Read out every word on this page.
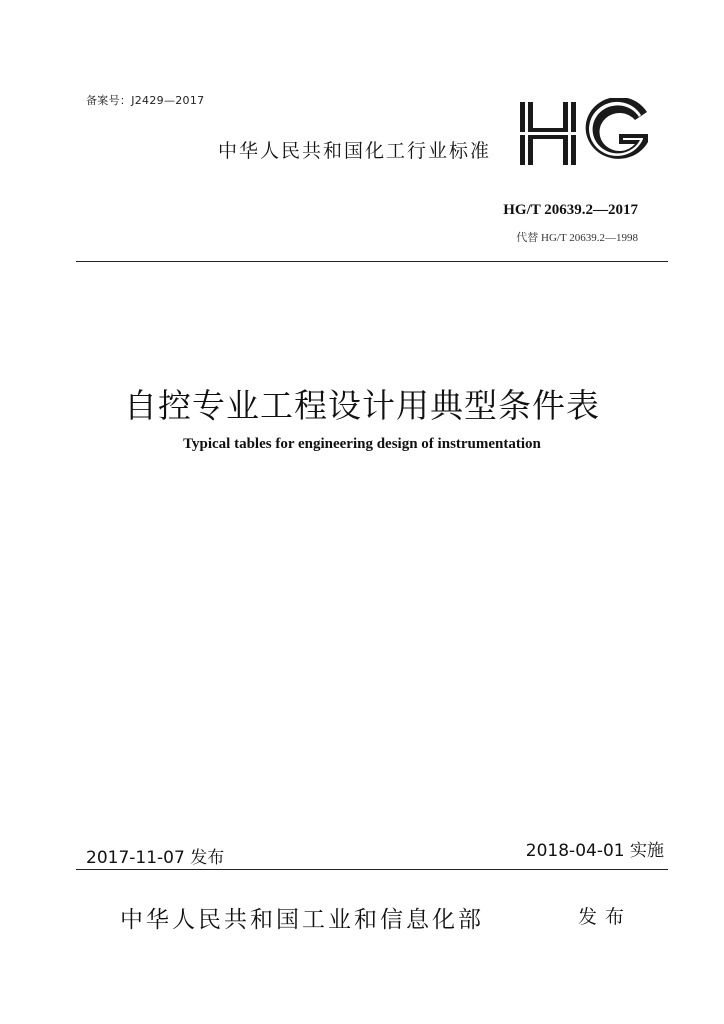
备案号：J2429—2017
中华人民共和国化工行业标准
HG/T 20639.2—2017
代替 HG/T 20639.2—1998
自控专业工程设计用典型条件表
Typical tables for engineering design of instrumentation
2017-11-07 发布	2018-04-01 实施
中华人民共和国工业和信息化部	发布
